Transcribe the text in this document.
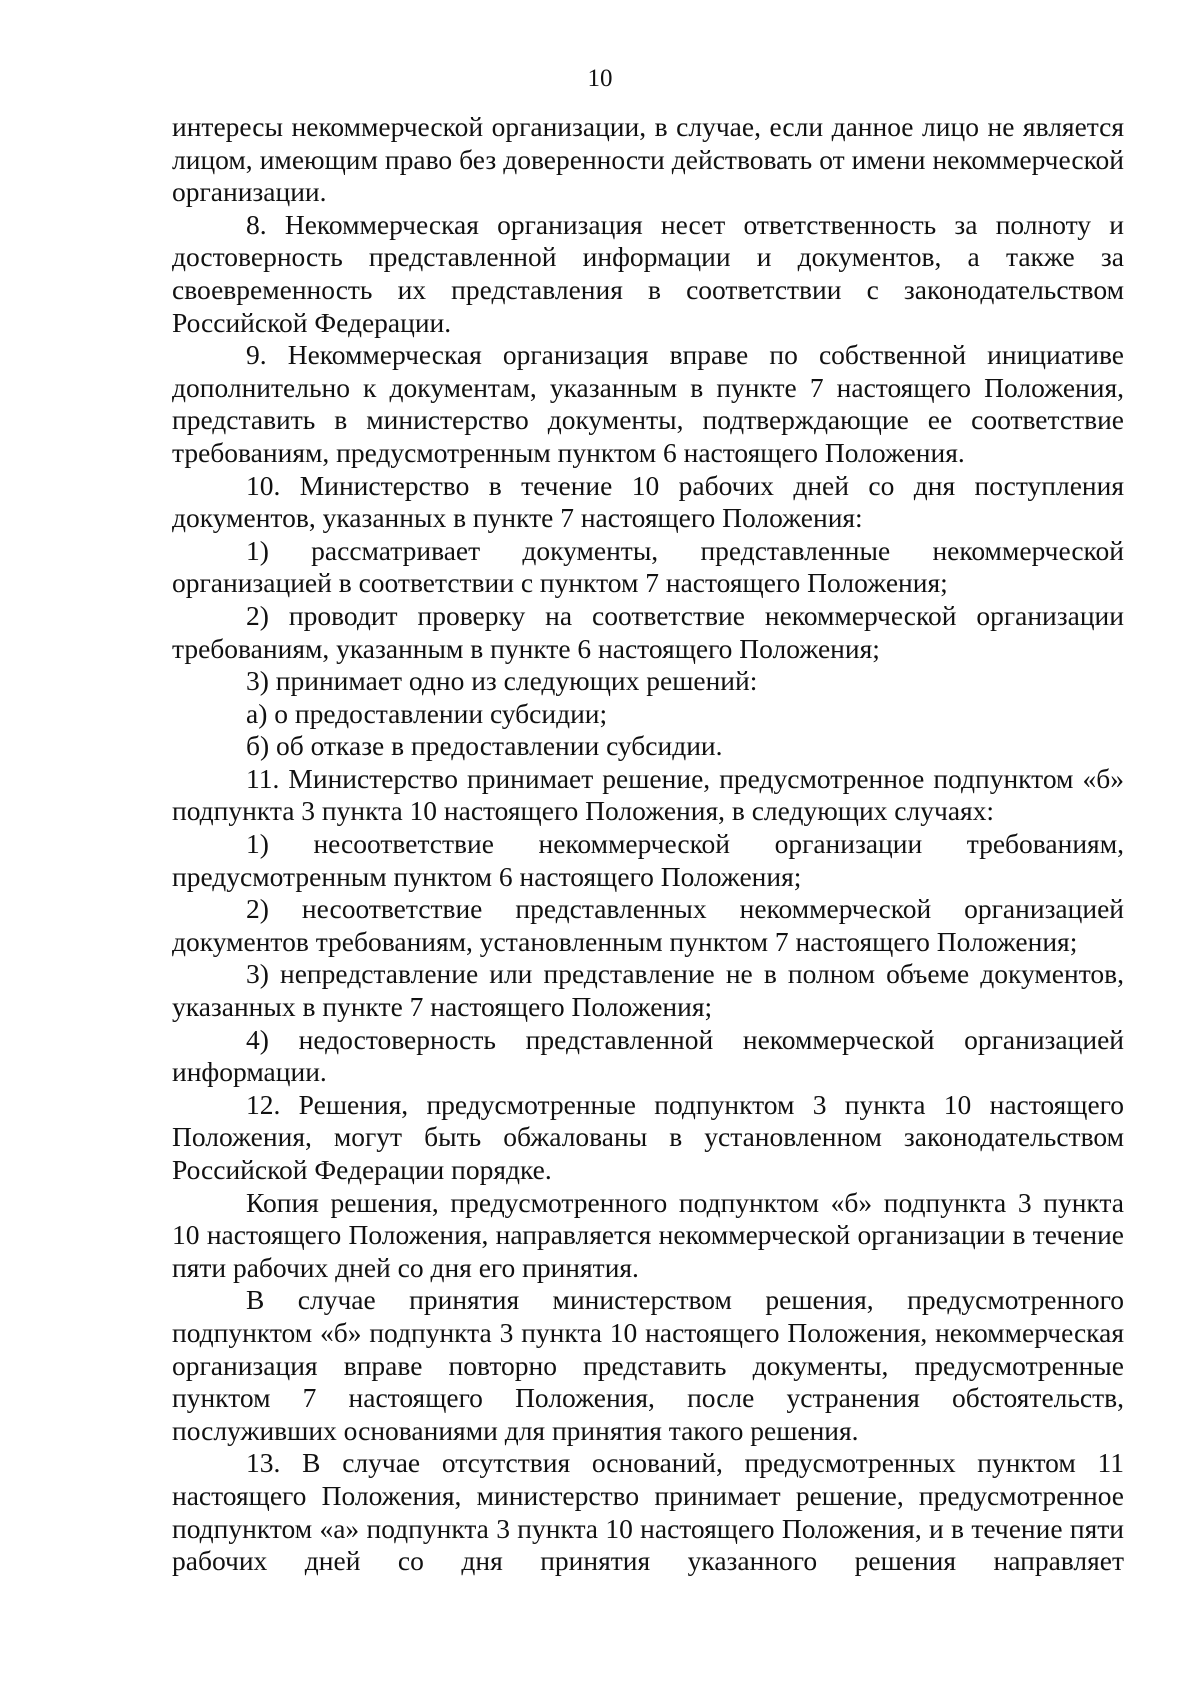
10

интересы некоммерческой организации, в случае, если данное лицо не является лицом, имеющим право без доверенности действовать от имени некоммерческой организации.

8. Некоммерческая организация несет ответственность за полноту и достоверность представленной информации и документов, а также за своевременность их представления в соответствии с законодательством Российской Федерации.

9. Некоммерческая организация вправе по собственной инициативе дополнительно к документам, указанным в пункте 7 настоящего Положения, представить в министерство документы, подтверждающие ее соответствие требованиям, предусмотренным пунктом 6 настоящего Положения.

10. Министерство в течение 10 рабочих дней со дня поступления документов, указанных в пункте 7 настоящего Положения:

1) рассматривает документы, представленные некоммерческой организацией в соответствии с пунктом 7 настоящего Положения;

2) проводит проверку на соответствие некоммерческой организации требованиям, указанным в пункте 6 настоящего Положения;

3) принимает одно из следующих решений:

а) о предоставлении субсидии;

б) об отказе в предоставлении субсидии.

11. Министерство принимает решение, предусмотренное подпунктом «б» подпункта 3 пункта 10 настоящего Положения, в следующих случаях:

1) несоответствие некоммерческой организации требованиям, предусмотренным пунктом 6 настоящего Положения;

2) несоответствие представленных некоммерческой организацией документов требованиям, установленным пунктом 7 настоящего Положения;

3) непредставление или представление не в полном объеме документов, указанных в пункте 7 настоящего Положения;

4) недостоверность представленной некоммерческой организацией информации.

12. Решения, предусмотренные подпунктом 3 пункта 10 настоящего Положения, могут быть обжалованы в установленном законодательством Российской Федерации порядке.

Копия решения, предусмотренного подпунктом «б» подпункта 3 пункта 10 настоящего Положения, направляется некоммерческой организации в течение пяти рабочих дней со дня его принятия.

В случае принятия министерством решения, предусмотренного подпунктом «б» подпункта 3 пункта 10 настоящего Положения, некоммерческая организация вправе повторно представить документы, предусмотренные пунктом 7 настоящего Положения, после устранения обстоятельств, послуживших основаниями для принятия такого решения.

13. В случае отсутствия оснований, предусмотренных пунктом 11 настоящего Положения, министерство принимает решение, предусмотренное подпунктом «а» подпункта 3 пункта 10 настоящего Положения, и в течение пяти рабочих дней со дня принятия указанного решения направляет
